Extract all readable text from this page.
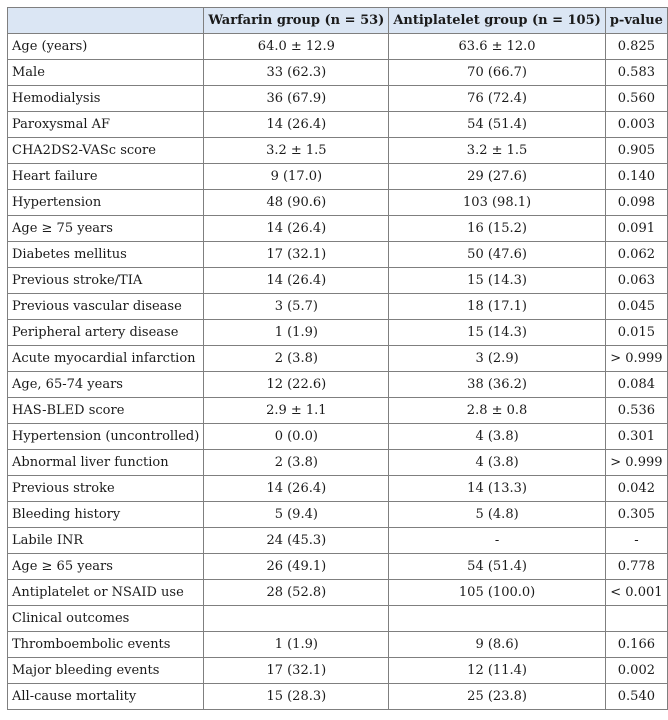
	Warfarin group (n = 53)	Antiplatelet group (n = 105)	p-value
Age (years)	64.0 ± 12.9	63.6 ± 12.0	0.825
Male	33 (62.3)	70 (66.7)	0.583
Hemodialysis	36 (67.9)	76 (72.4)	0.560
Paroxysmal AF	14 (26.4)	54 (51.4)	0.003
CHA2DS2-VASc score	3.2 ± 1.5	3.2 ± 1.5	0.905
Heart failure	9 (17.0)	29 (27.6)	0.140
Hypertension	48 (90.6)	103 (98.1)	0.098
Age ≥ 75 years	14 (26.4)	16 (15.2)	0.091
Diabetes mellitus	17 (32.1)	50 (47.6)	0.062
Previous stroke/TIA	14 (26.4)	15 (14.3)	0.063
Previous vascular disease	3 (5.7)	18 (17.1)	0.045
Peripheral artery disease	1 (1.9)	15 (14.3)	0.015
Acute myocardial infarction	2 (3.8)	3 (2.9)	> 0.999
Age, 65-74 years	12 (22.6)	38 (36.2)	0.084
HAS-BLED score	2.9 ± 1.1	2.8 ± 0.8	0.536
Hypertension (uncontrolled)	0 (0.0)	4 (3.8)	0.301
Abnormal liver function	2 (3.8)	4 (3.8)	> 0.999
Previous stroke	14 (26.4)	14 (13.3)	0.042
Bleeding history	5 (9.4)	5 (4.8)	0.305
Labile INR	24 (45.3)	-	-
Age ≥ 65 years	26 (49.1)	54 (51.4)	0.778
Antiplatelet or NSAID use	28 (52.8)	105 (100.0)	< 0.001
Clinical outcomes			
Thromboembolic events	1 (1.9)	9 (8.6)	0.166
Major bleeding events	17 (32.1)	12 (11.4)	0.002
All-cause mortality	15 (28.3)	25 (23.8)	0.540
